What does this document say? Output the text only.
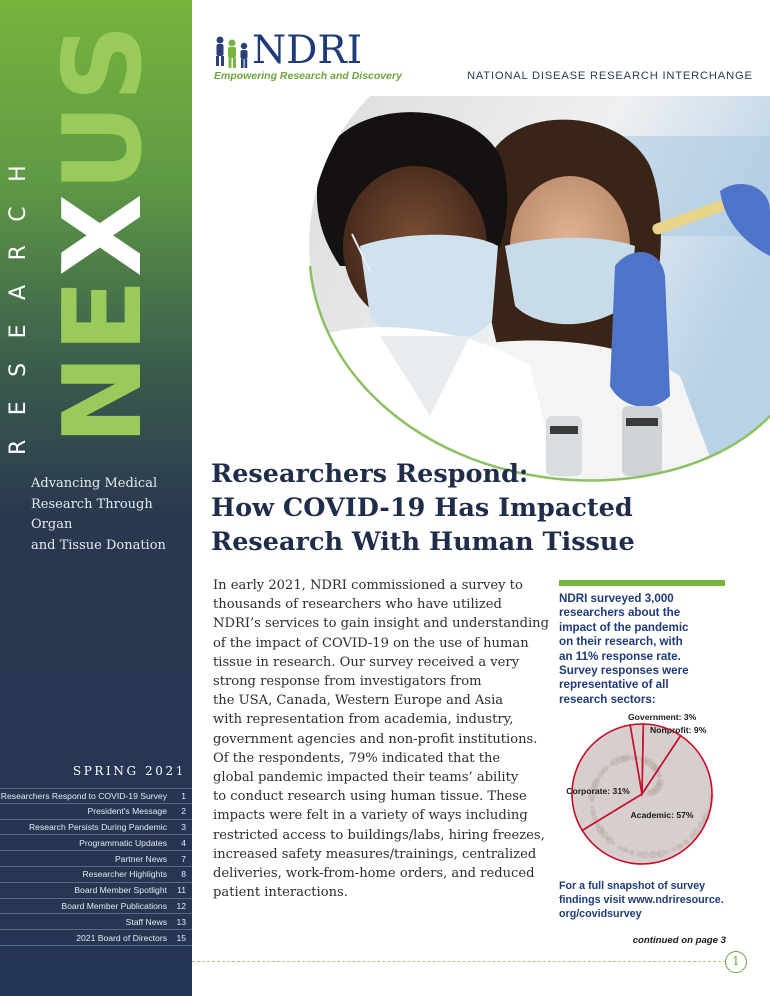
RESEARCH NEXUS
Advancing Medical
Research Through Organ
and Tissue Donation
SPRING 2021
Researchers Respond to COVID-19 Survey	1
President's Message	2
Research Persists During Pandemic	3
Programmatic Updates	4
Partner News	7
Researcher Highlights	8
Board Member Spotlight	11
Board Member Publications	12
Staff News	13
2021 Board of Directors	15
NDRI
Empowering Research and Discovery	NATIONAL DISEASE RESEARCH INTERCHANGE
Researchers Respond:
How COVID-19 Has Impacted
Research With Human Tissue
In early 2021, NDRI commissioned a survey to
thousands of researchers who have utilized
NDRI’s services to gain insight and understanding
of the impact of COVID-19 on the use of human
tissue in research. Our survey received a very
strong response from investigators from
the USA, Canada, Western Europe and Asia
with representation from academia, industry,
government agencies and non-profit institutions.
Of the respondents, 79% indicated that the
global pandemic impacted their teams’ ability
to conduct research using human tissue. These
impacts were felt in a variety of ways including
restricted access to buildings/labs, hiring freezes,
increased safety measures/trainings, centralized
deliveries, work-from-home orders, and reduced
patient interactions.
NDRI surveyed 3,000
researchers about the
impact of the pandemic
on their research, with
an 11% response rate.
Survey responses were
representative of all
research sectors:
Government: 3%
Nonprofit: 9%
Academic: 57%
Corporate: 31%
For a full snapshot of survey
findings visit www.ndriresource.
org/covidsurvey
continued on page 3
1
